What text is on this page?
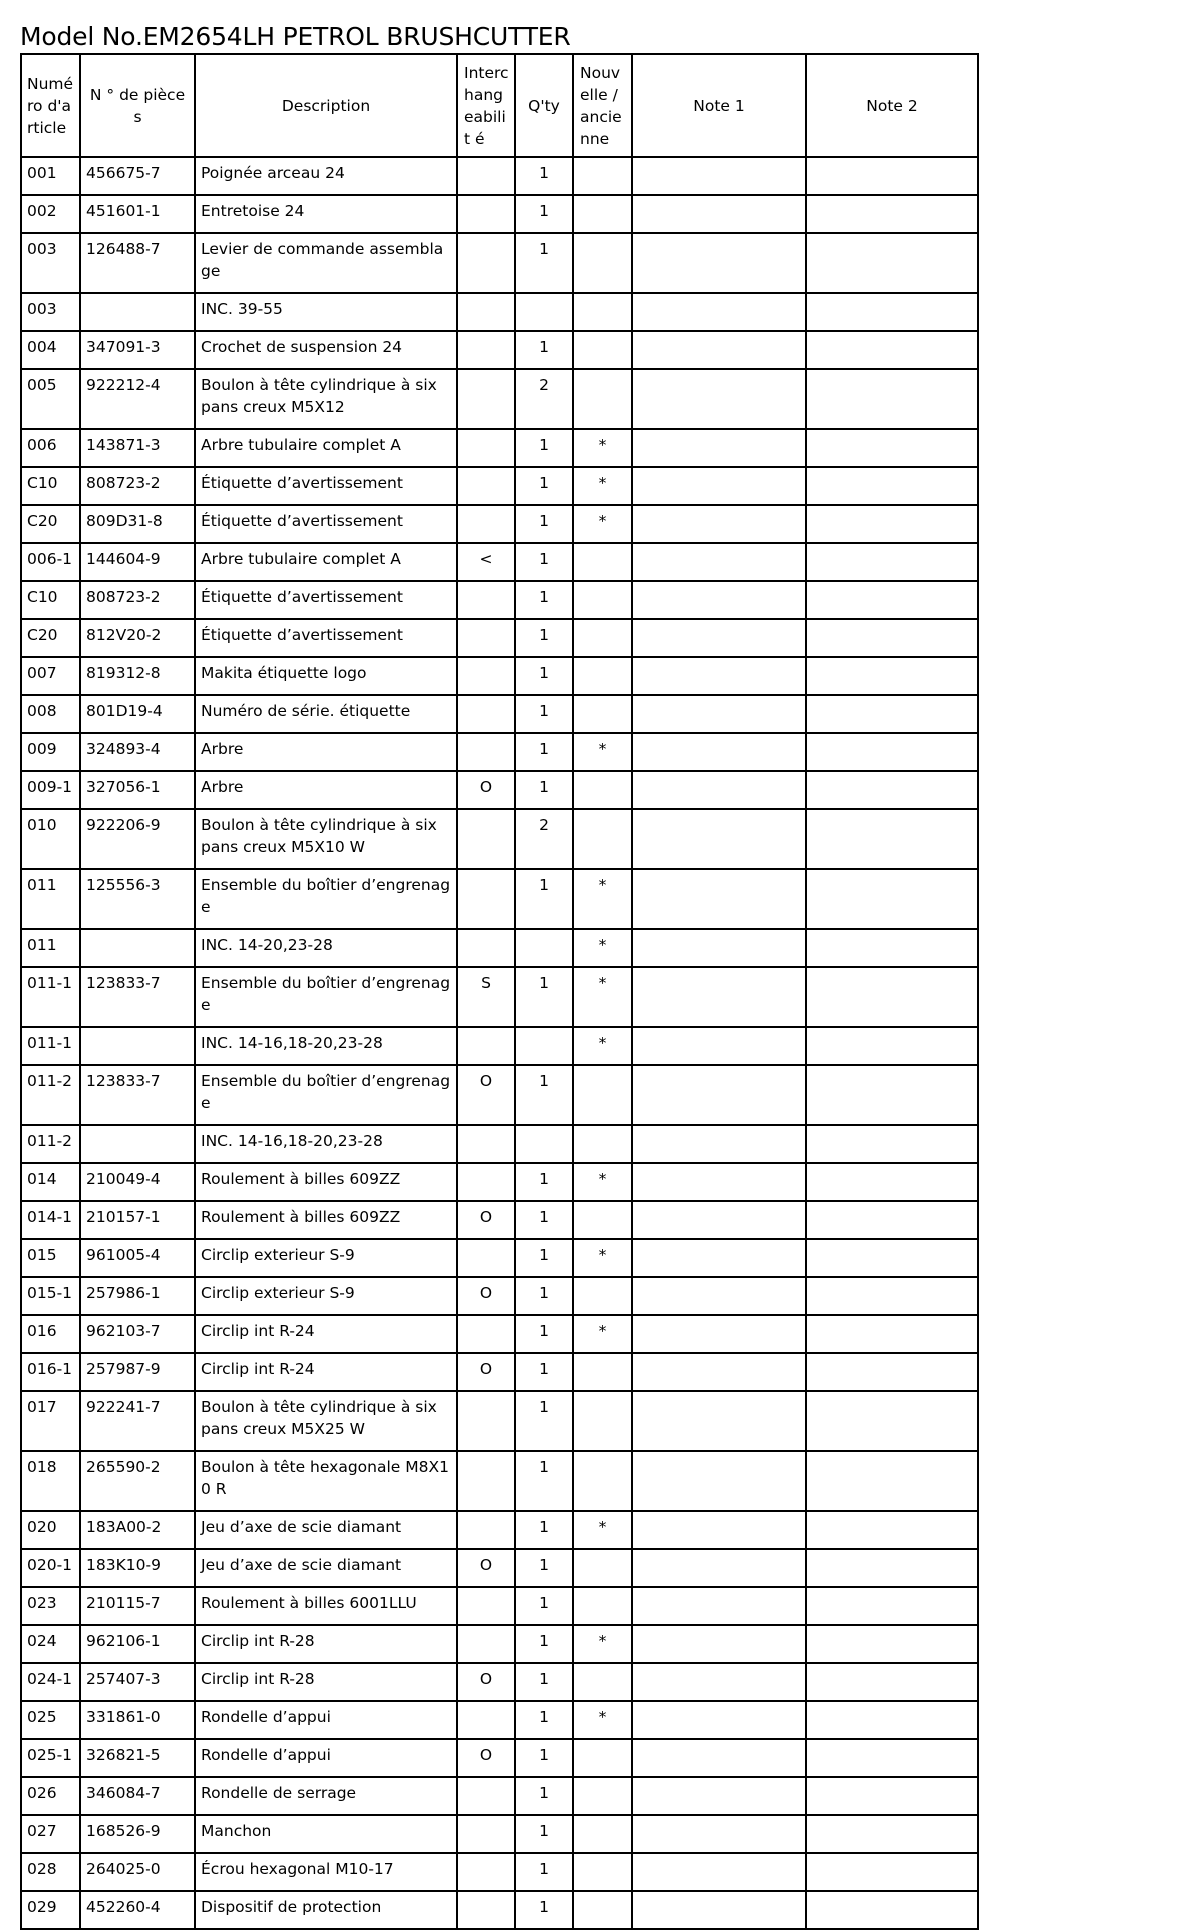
Model No.EM2654LH PETROL BRUSHCUTTER
Numé ro d'a rticle	N ° de pièces	Description	Interc hang eabilit é	Q'ty	Nouv elle / ancie nne	Note 1	Note 2
001	456675-7	Poignée arceau 24		1			
002	451601-1	Entretoise 24		1			
003	126488-7	Levier de commande assemblage		1			
003		INC. 39-55					
004	347091-3	Crochet de suspension 24		1			
005	922212-4	Boulon à tête cylindrique à six pans creux M5X12		2			
006	143871-3	Arbre tubulaire complet A		1	*		
C10	808723-2	Étiquette d’avertissement		1	*		
C20	809D31-8	Étiquette d’avertissement		1	*		
006-1	144604-9	Arbre tubulaire complet A	<	1			
C10	808723-2	Étiquette d’avertissement		1			
C20	812V20-2	Étiquette d’avertissement		1			
007	819312-8	Makita étiquette logo		1			
008	801D19-4	Numéro de série. étiquette		1			
009	324893-4	Arbre		1	*		
009-1	327056-1	Arbre	O	1			
010	922206-9	Boulon à tête cylindrique à six pans creux M5X10 W		2			
011	125556-3	Ensemble du boîtier d’engrenage		1	*		
011		INC. 14-20,23-28			*		
011-1	123833-7	Ensemble du boîtier d’engrenage	S	1	*		
011-1		INC. 14-16,18-20,23-28			*		
011-2	123833-7	Ensemble du boîtier d’engrenage	O	1			
011-2		INC. 14-16,18-20,23-28					
014	210049-4	Roulement à billes 609ZZ		1	*		
014-1	210157-1	Roulement à billes 609ZZ	O	1			
015	961005-4	Circlip exterieur S-9		1	*		
015-1	257986-1	Circlip exterieur S-9	O	1			
016	962103-7	Circlip int R-24		1	*		
016-1	257987-9	Circlip int R-24	O	1			
017	922241-7	Boulon à tête cylindrique à six pans creux M5X25 W		1			
018	265590-2	Boulon à tête hexagonale M8X10 R		1			
020	183A00-2	Jeu d’axe de scie diamant		1	*		
020-1	183K10-9	Jeu d’axe de scie diamant	O	1			
023	210115-7	Roulement à billes 6001LLU		1			
024	962106-1	Circlip int R-28		1	*		
024-1	257407-3	Circlip int R-28	O	1			
025	331861-0	Rondelle d’appui		1	*		
025-1	326821-5	Rondelle d’appui	O	1			
026	346084-7	Rondelle de serrage		1			
027	168526-9	Manchon		1			
028	264025-0	Écrou hexagonal M10-17		1			
029	452260-4	Dispositif de protection		1			
